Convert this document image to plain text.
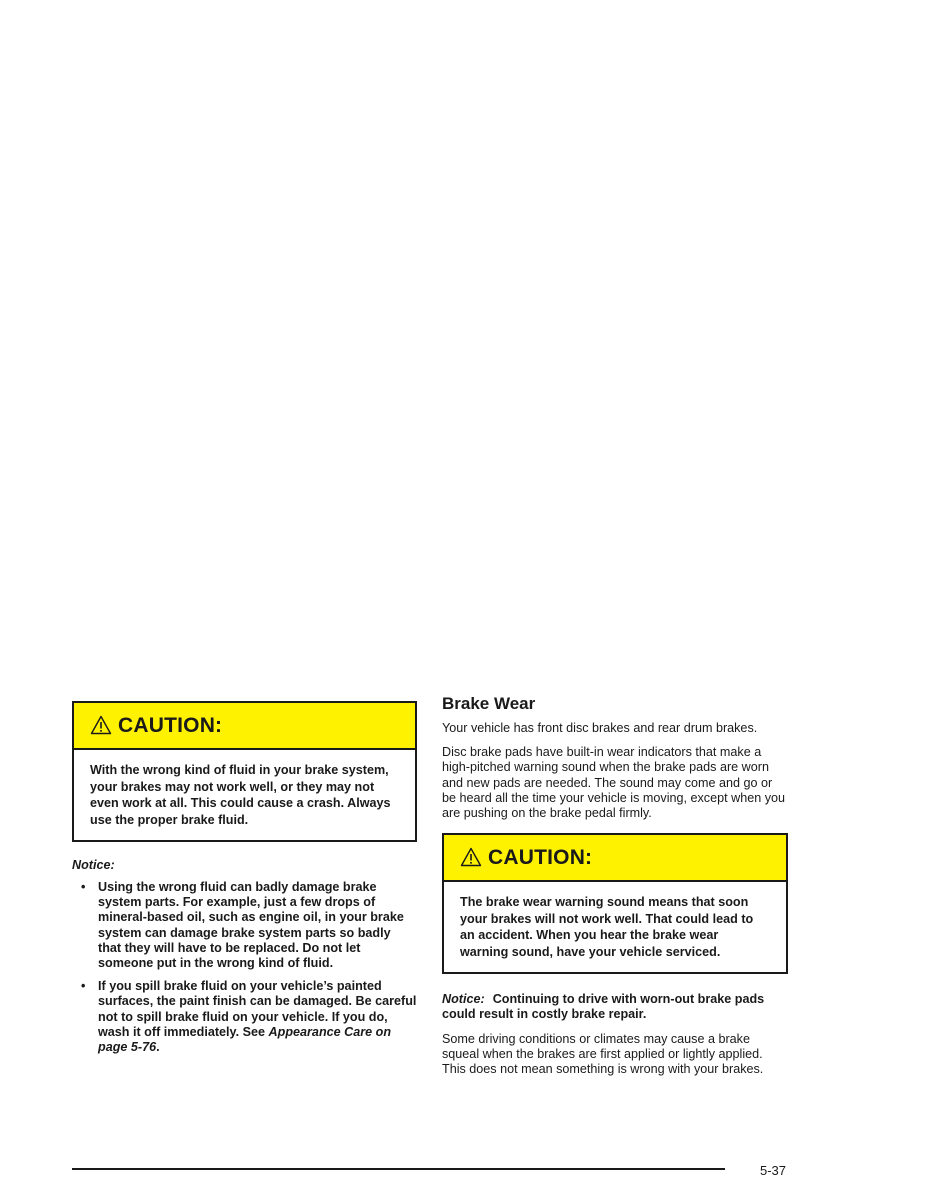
CAUTION:
With the wrong kind of fluid in your brake system, your brakes may not work well, or they may not even work at all. This could cause a crash. Always use the proper brake fluid.
Notice:
• Using the wrong fluid can badly damage brake system parts. For example, just a few drops of mineral-based oil, such as engine oil, in your brake system can damage brake system parts so badly that they will have to be replaced. Do not let someone put in the wrong kind of fluid.
• If you spill brake fluid on your vehicle’s painted surfaces, the paint finish can be damaged. Be careful not to spill brake fluid on your vehicle. If you do, wash it off immediately. See Appearance Care on page 5-76.
Brake Wear

Your vehicle has front disc brakes and rear drum brakes.

Disc brake pads have built-in wear indicators that make a high-pitched warning sound when the brake pads are worn and new pads are needed. The sound may come and go or be heard all the time your vehicle is moving, except when you are pushing on the brake pedal firmly.

CAUTION:
The brake wear warning sound means that soon your brakes will not work well. That could lead to an accident. When you hear the brake wear warning sound, have your vehicle serviced.
Notice: Continuing to drive with worn-out brake pads could result in costly brake repair.

Some driving conditions or climates may cause a brake squeal when the brakes are first applied or lightly applied. This does not mean something is wrong with your brakes.

5-37
